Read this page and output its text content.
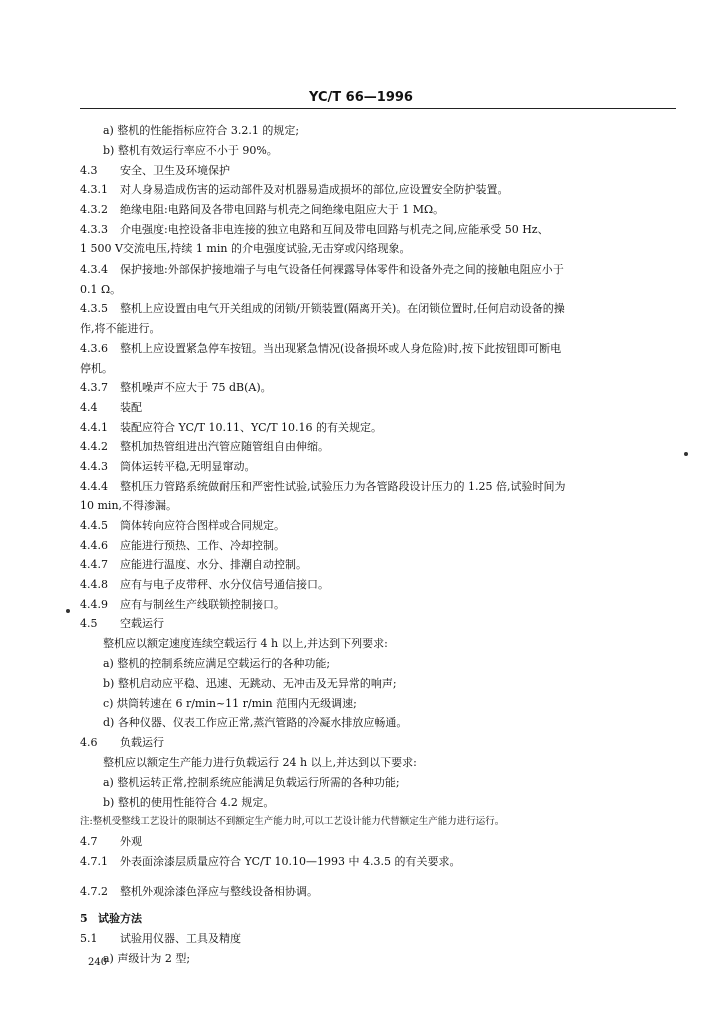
YC/T 66—1996
a) 整机的性能指标应符合 3.2.1 的规定;
b) 整机有效运行率应不小于 90%。
4.3 安全、卫生及环境保护
4.3.1 对人身易造成伤害的运动部件及对机器易造成损坏的部位,应设置安全防护装置。
4.3.2 绝缘电阻:电路间及各带电回路与机壳之间绝缘电阻应大于 1 MΩ。
4.3.3 介电强度:电控设备非电连接的独立电路和互间及带电回路与机壳之间,应能承受 50 Hz、
1 500 V交流电压,持续 1 min 的介电强度试验,无击穿或闪络现象。
4.3.4 保护接地:外部保护接地端子与电气设备任何裸露导体零件和设备外壳之间的接触电阻应小于
0.1 Ω。
4.3.5 整机上应设置由电气开关组成的闭锁/开锁装置(隔离开关)。在闭锁位置时,任何启动设备的操
作,将不能进行。
4.3.6 整机上应设置紧急停车按钮。当出现紧急情况(设备损坏或人身危险)时,按下此按钮即可断电
停机。
4.3.7 整机噪声不应大于 75 dB(A)。
4.4 装配
4.4.1 装配应符合 YC/T 10.11、YC/T 10.16 的有关规定。
4.4.2 整机加热管组进出汽管应随管组自由伸缩。
4.4.3 筒体运转平稳,无明显窜动。
4.4.4 整机压力管路系统做耐压和严密性试验,试验压力为各管路段设计压力的 1.25 倍,试验时间为
10 min,不得渗漏。
4.4.5 筒体转向应符合图样或合同规定。
4.4.6 应能进行预热、工作、冷却控制。
4.4.7 应能进行温度、水分、排潮自动控制。
4.4.8 应有与电子皮带秤、水分仪信号通信接口。
4.4.9 应有与制丝生产线联锁控制接口。
4.5 空载运行
整机应以额定速度连续空载运行 4 h 以上,并达到下列要求:
a) 整机的控制系统应满足空载运行的各种功能;
b) 整机启动应平稳、迅速、无跳动、无冲击及无异常的响声;
c) 烘筒转速在 6 r/min~11 r/min 范围内无级调速;
d) 各种仪器、仪表工作应正常,蒸汽管路的冷凝水排放应畅通。
4.6 负载运行
整机应以额定生产能力进行负载运行 24 h 以上,并达到以下要求:
a) 整机运转正常,控制系统应能满足负载运行所需的各种功能;
b) 整机的使用性能符合 4.2 规定。
注:整机受整线工艺设计的限制达不到额定生产能力时,可以工艺设计能力代替额定生产能力进行运行。
4.7 外观
4.7.1 外表面涂漆层质量应符合 YC/T 10.10—1993 中 4.3.5 的有关要求。
4.7.2 整机外观涂漆色泽应与整线设备相协调。
5 试验方法
5.1 试验用仪器、工具及精度
a) 声级计为 2 型;
240
